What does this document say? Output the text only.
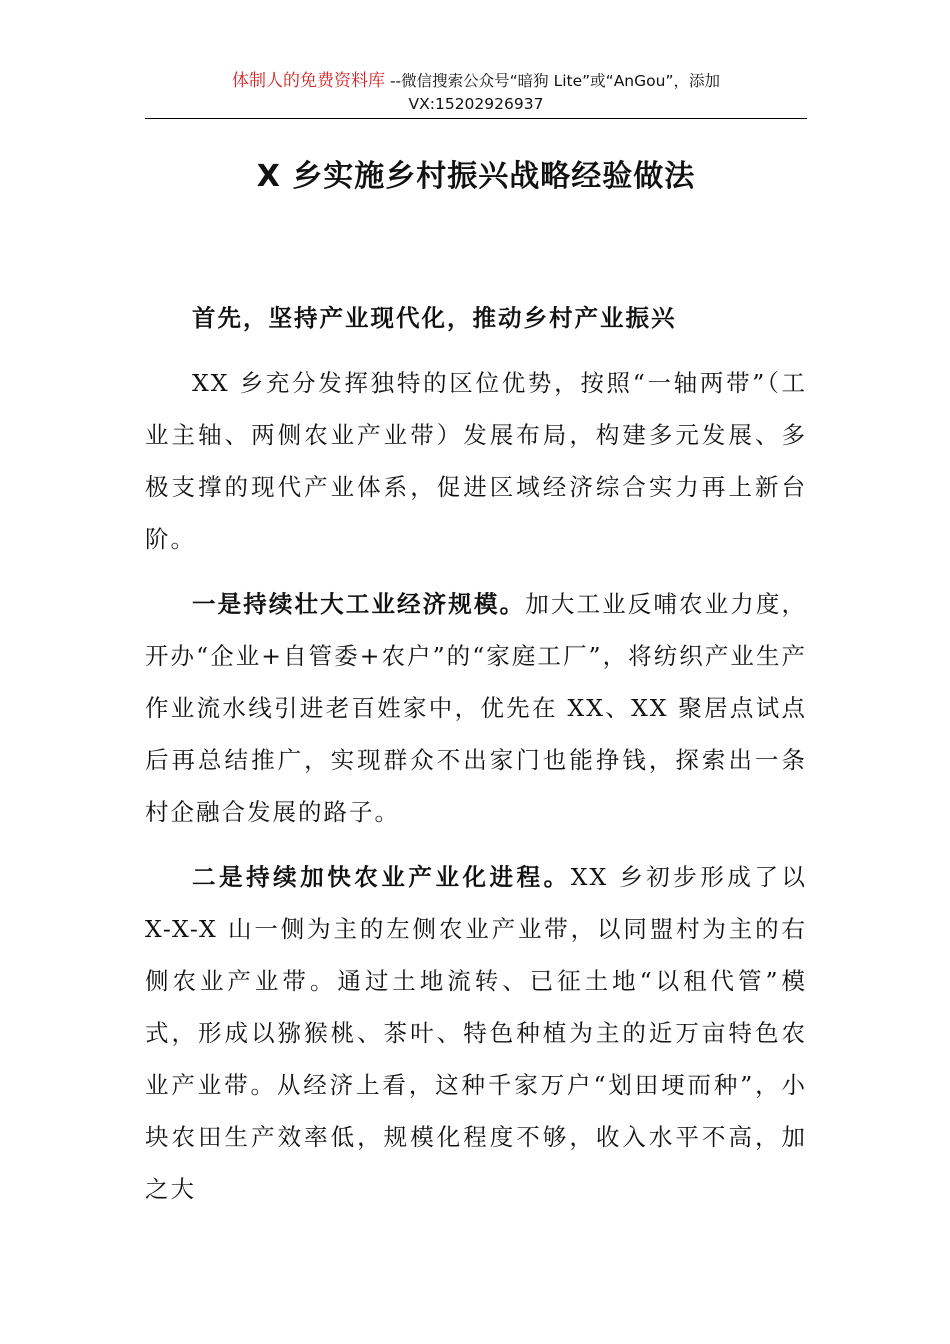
体制人的免费资料库 --微信搜索公众号“暗狗 Lite”或“AnGou”，添加
VX:15202926937
X 乡实施乡村振兴战略经验做法

首先，坚持产业现代化，推动乡村产业振兴

XX 乡充分发挥独特的区位优势，按照“一轴两带”（工业主轴、两侧农业产业带）发展布局，构建多元发展、多极支撑的现代产业体系，促进区域经济综合实力再上新台阶。

一是持续壮大工业经济规模。加大工业反哺农业力度，开办“企业+自管委+农户”的“家庭工厂”，将纺织产业生产作业流水线引进老百姓家中，优先在 XX、XX 聚居点试点后再总结推广，实现群众不出家门也能挣钱，探索出一条村企融合发展的路子。

二是持续加快农业产业化进程。XX 乡初步形成了以 X-X-X 山一侧为主的左侧农业产业带，以同盟村为主的右侧农业产业带。通过土地流转、已征土地“以租代管”模式，形成以猕猴桃、茶叶、特色种植为主的近万亩特色农业产业带。从经济上看，这种千家万户“划田埂而种”，小块农田生产效率低，规模化程度不够，收入水平不高，加之大
